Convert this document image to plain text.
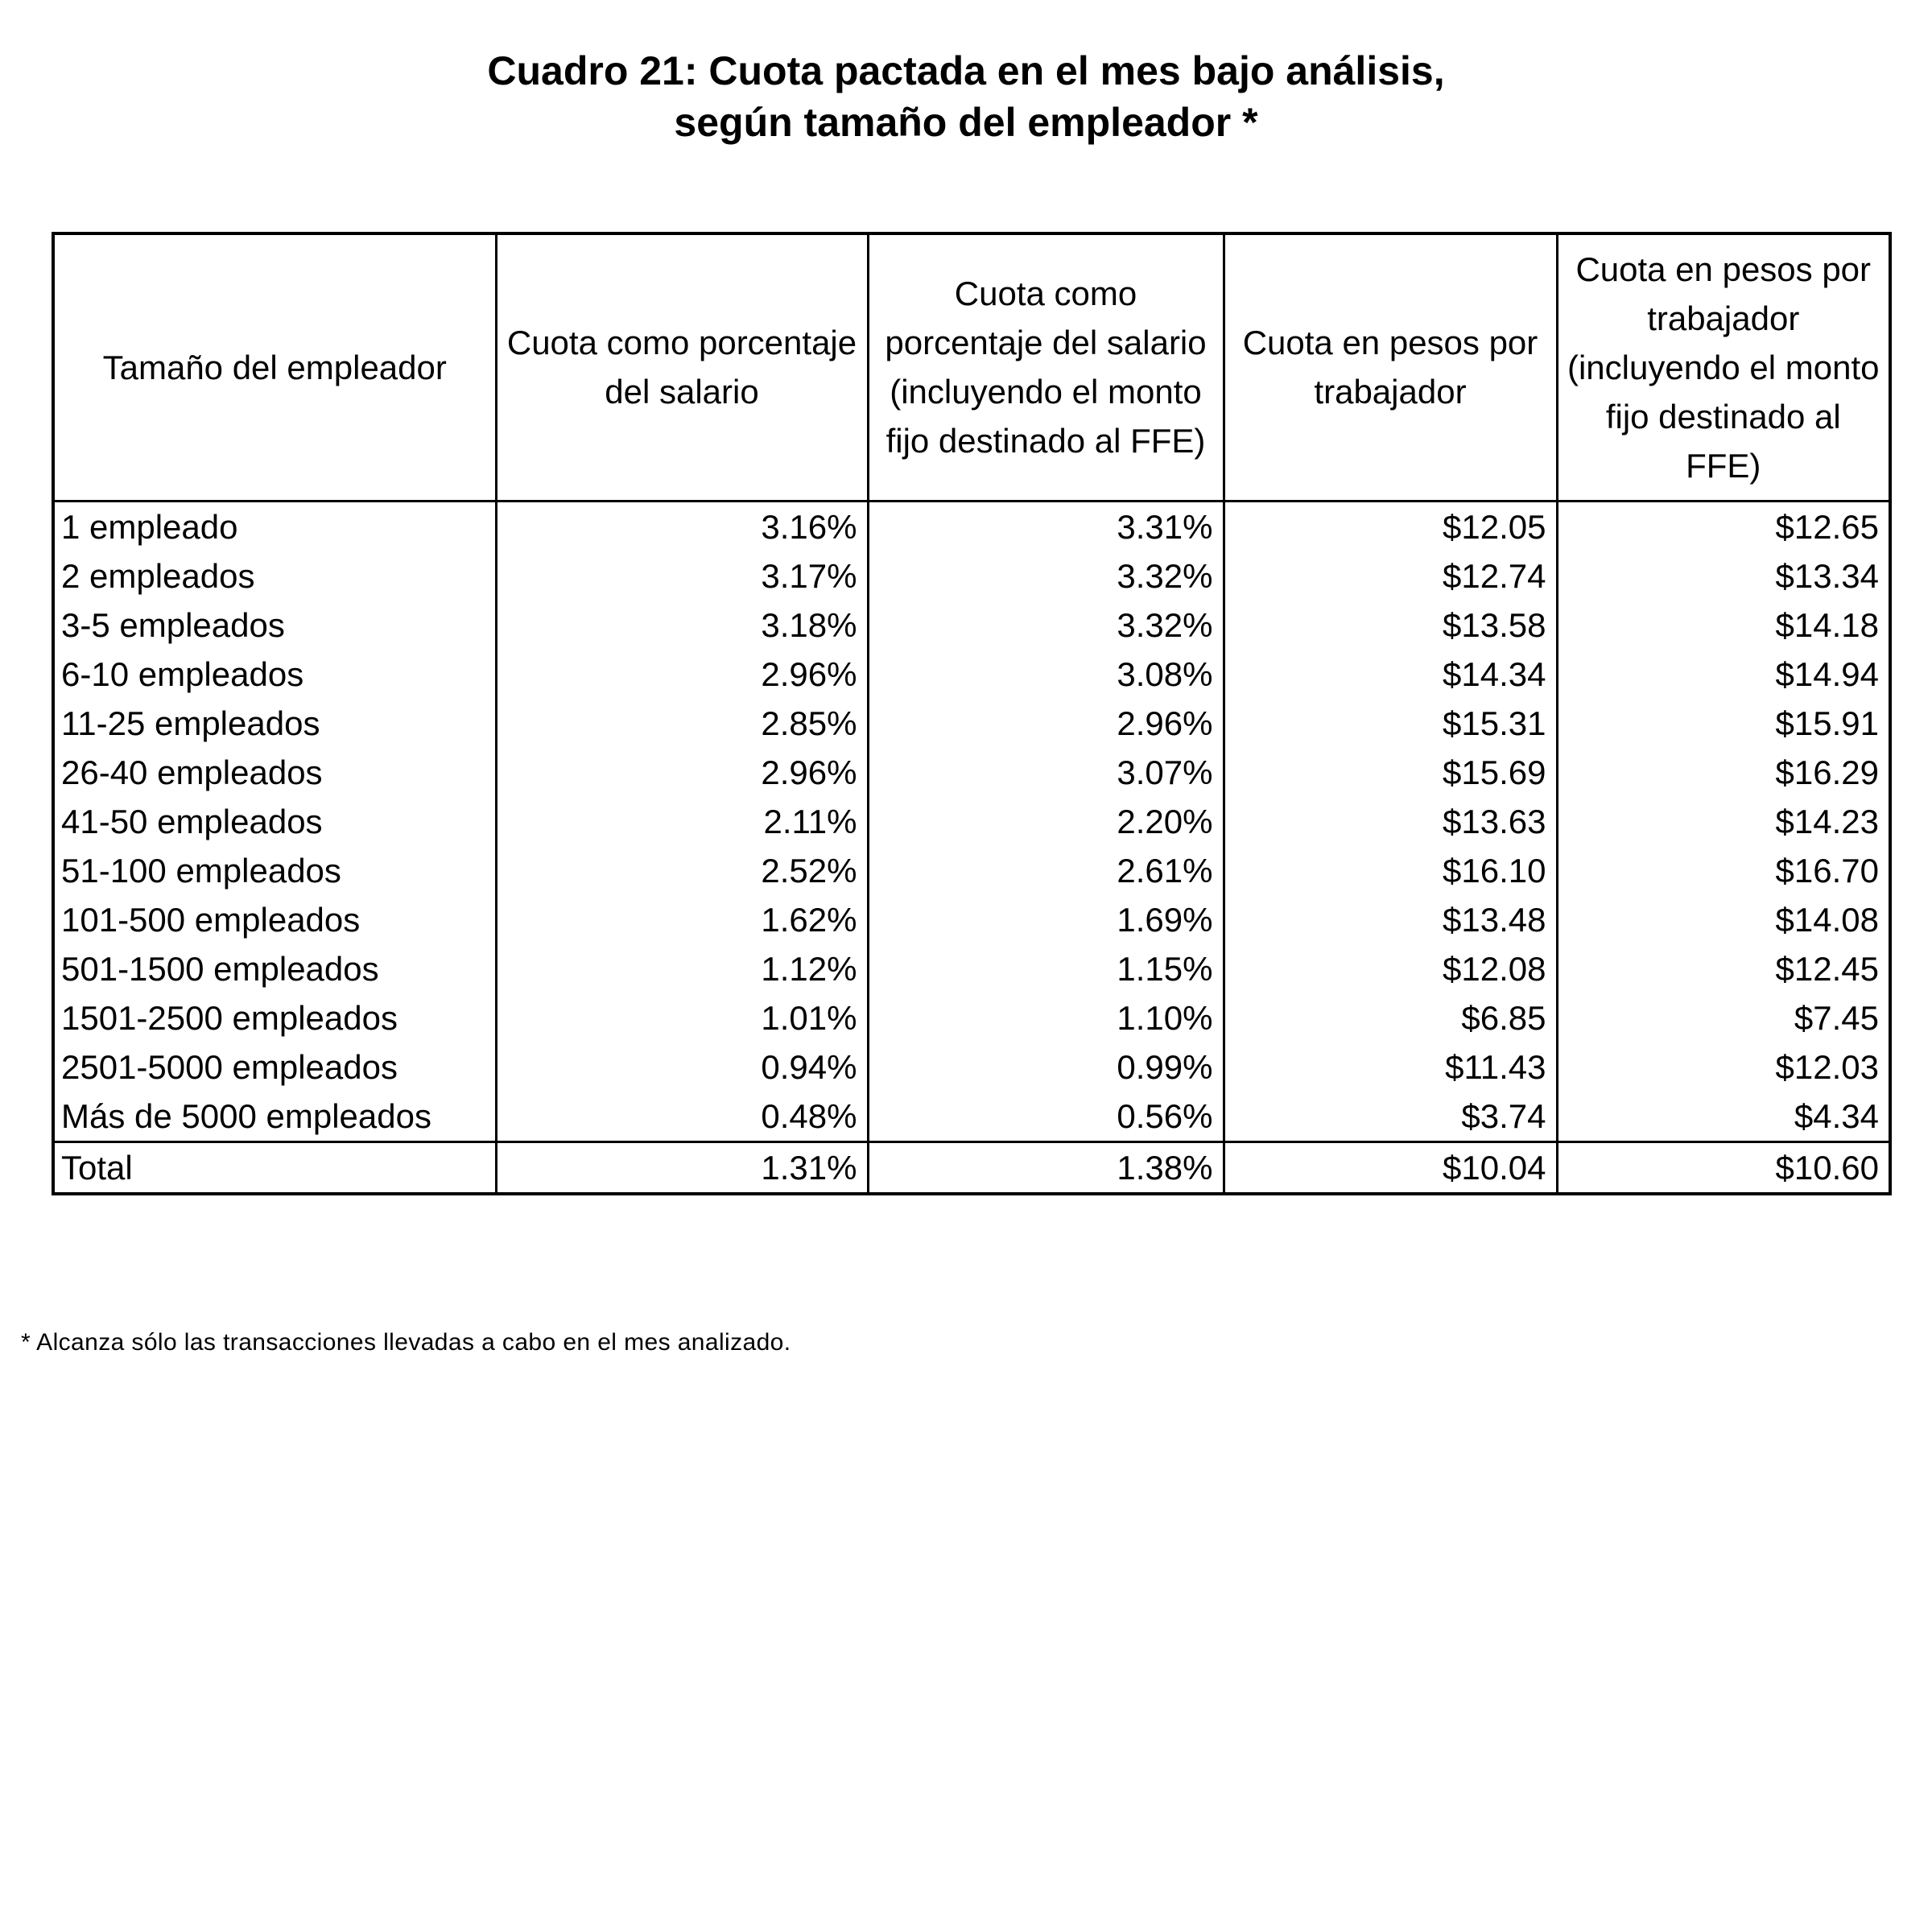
Cuadro 21: Cuota pactada en el mes bajo análisis,
según tamaño del empleador *
Tamaño del empleador	Cuota como porcentaje del salario	Cuota como porcentaje del salario (incluyendo el monto fijo destinado al FFE)	Cuota en pesos por trabajador	Cuota en pesos por trabajador (incluyendo el monto fijo destinado al FFE)
1 empleado	3.16%	3.31%	$12.05	$12.65
2 empleados	3.17%	3.32%	$12.74	$13.34
3-5 empleados	3.18%	3.32%	$13.58	$14.18
6-10 empleados	2.96%	3.08%	$14.34	$14.94
11-25 empleados	2.85%	2.96%	$15.31	$15.91
26-40 empleados	2.96%	3.07%	$15.69	$16.29
41-50 empleados	2.11%	2.20%	$13.63	$14.23
51-100 empleados	2.52%	2.61%	$16.10	$16.70
101-500 empleados	1.62%	1.69%	$13.48	$14.08
501-1500 empleados	1.12%	1.15%	$12.08	$12.45
1501-2500 empleados	1.01%	1.10%	$6.85	$7.45
2501-5000 empleados	0.94%	0.99%	$11.43	$12.03
Más de 5000 empleados	0.48%	0.56%	$3.74	$4.34
Total	1.31%	1.38%	$10.04	$10.60

* Alcanza sólo las transacciones llevadas a cabo en el mes analizado.
